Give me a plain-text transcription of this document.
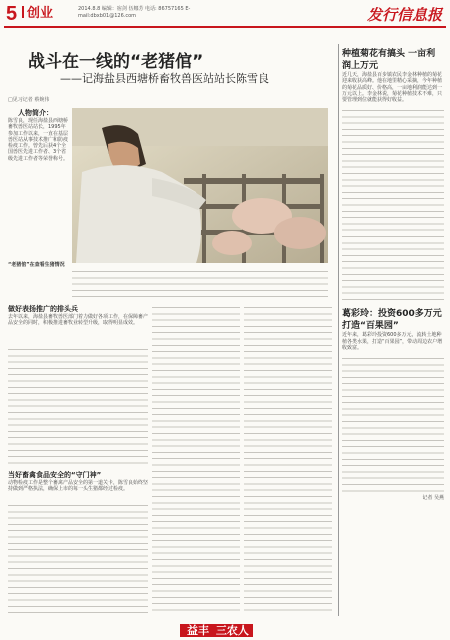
5 创业	2014.8.8 编辑：宿剑 伍娜芳 电话: 86757165 E-mail:dbxb01@126.com	发行信息报
战斗在一线的“老猪倌”
——记海盐县西塘桥畜牧兽医站站长陈雪良
□见习记者 蔡婉伟
人物简介：
陈雪良，现任海盐县西塘桥畜牧兽医站站长，1995年参加工作以来，一直在基层兽医站从事技术推广和防疫检疫工作。曾先后获4个全国兽医先进工作者、3个省级先进工作者等荣誉称号。
“老猪倌”在查看生猪情况
做好表扬推广的排头兵
去年以来，海盐县畜牧兽医部门着力做好各项工作，在保障畜产品安全的同时，积极推进畜牧业转型升级，取得明显成效。
当好畜禽食品安全的“守门神”
动物检疫工作是整个畜禽产品安全的第一道关卡，陈雪良始终坚持做到严格执法，确保上市的每一头生猪都经过检疫。
种植菊花有搞头 一亩利润上万元
近几天，海盐县百步镇农民李金林种植的菊花迎来收获高峰。他在地里精心采摘，今年种植的菊花品质好、价格高，一亩地利润能达到一万元以上。李金林说，菊花种植技术不难，只要管理到位就能获得好收益。
葛彩玲：投资600多万元 打造“百果园”
近年来，葛彩玲投资600多万元，流转土地种植各类水果，打造“百果园”，带动周边农户增收致富。
记者 吴燕
益丰 三农人
